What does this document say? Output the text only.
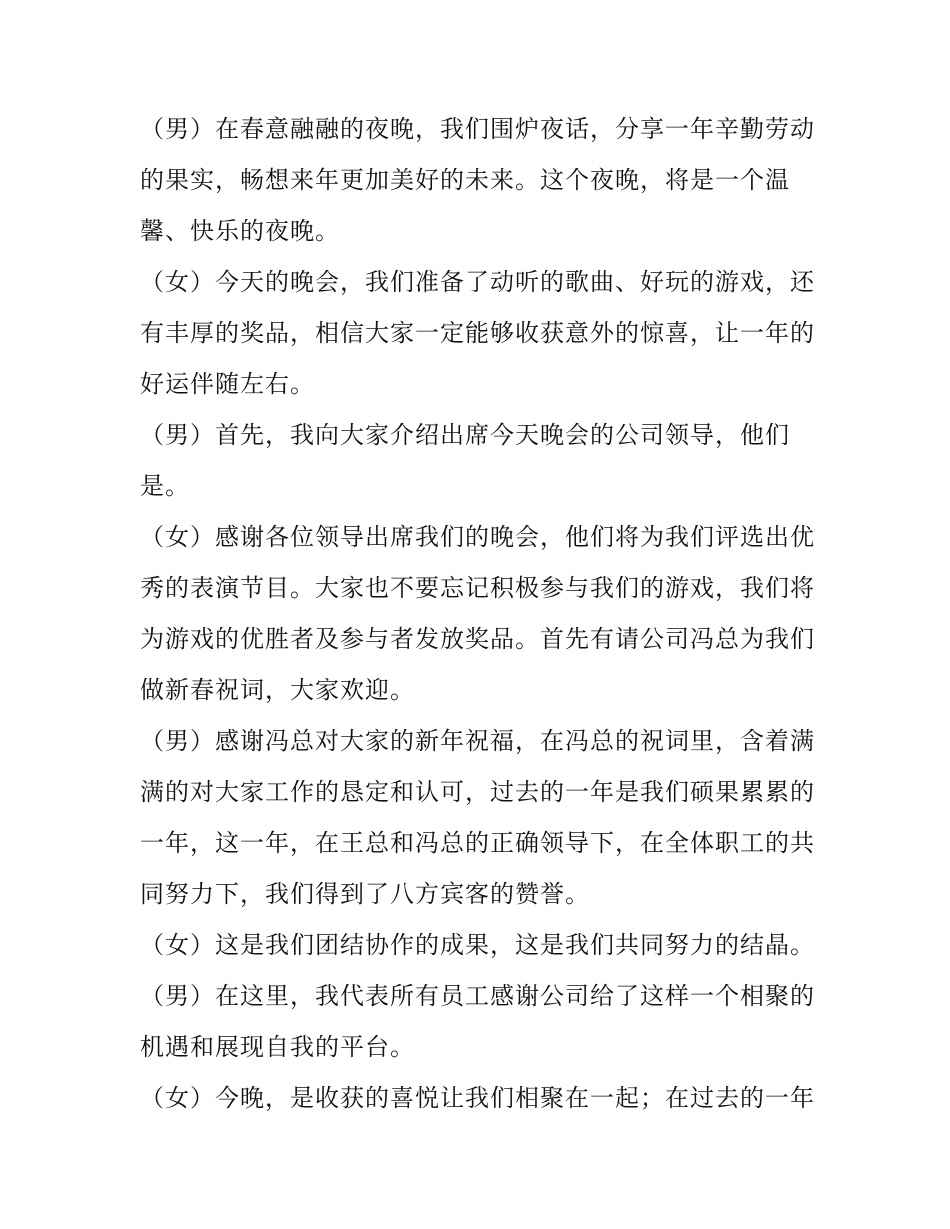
（男）在春意融融的夜晚，我们围炉夜话，分享一年辛勤劳动
的果实，畅想来年更加美好的未来。这个夜晚，将是一个温
馨、快乐的夜晚。

（女）今天的晚会，我们准备了动听的歌曲、好玩的游戏，还
有丰厚的奖品，相信大家一定能够收获意外的惊喜，让一年的
好运伴随左右。

（男）首先，我向大家介绍出席今天晚会的公司领导，他们
是。

（女）感谢各位领导出席我们的晚会，他们将为我们评选出优
秀的表演节目。大家也不要忘记积极参与我们的游戏，我们将
为游戏的优胜者及参与者发放奖品。首先有请公司冯总为我们
做新春祝词，大家欢迎。

（男）感谢冯总对大家的新年祝福，在冯总的祝词里，含着满
满的对大家工作的恳定和认可，过去的一年是我们硕果累累的
一年，这一年，在王总和冯总的正确领导下，在全体职工的共
同努力下，我们得到了八方宾客的赞誉。

（女）这是我们团结协作的成果，这是我们共同努力的结晶。

（男）在这里，我代表所有员工感谢公司给了这样一个相聚的
机遇和展现自我的平台。

（女）今晚，是收获的喜悦让我们相聚在一起；在过去的一年
